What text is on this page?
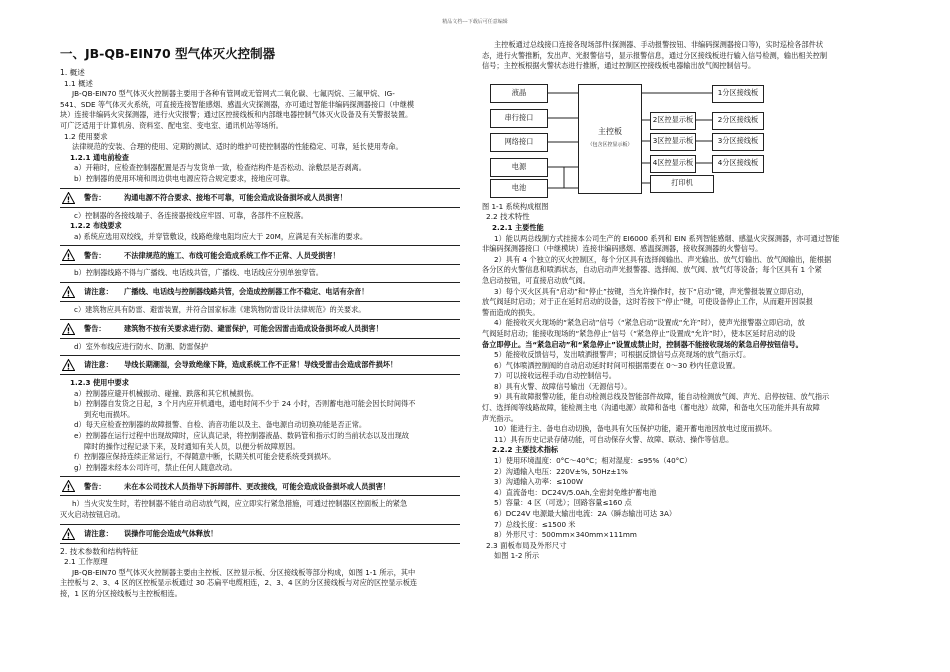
精品文档---下载后可任意编辑
一、JB-QB-EIN70 型气体灭火控制器
1. 概述
1.1 概述
JB-QB-EIN70 型气体灭火控制器主要用于各种有管网或无管网式二氧化碳、七氟丙烷、三氟甲烷、IG-
541、SDE 等气体灭火系统，可直接连接智能感烟、感温火灾探测器，亦可通过智能非编码探测器接口（中继模
块）连接非编码火灾探测器，进行火灾报警；通过区控接线板和内部继电器控制气体灭火设备及有关警报装置。
可广泛适用于计算机房、资料室、配电室、变电室、通讯机站等场所。
1.2 使用要求
法律规范的安装、合理的使用、定期的测试、适时的维护可使控制器的性能稳定、可靠，延长使用寿命。
1.2.1 通电前检查
a）开箱时，应检查控制器配置是否与发货单一致，检查结构件是否松动、涂敷层是否剥离。
b）控制器的使用环境和周边供电电源应符合规定要求，接地应可靠。
!	警告：	沟通电源不符合要求、接地不可靠，可能会造成设备损坏或人员损害！
c）控制器的各接线端子、各连接器接线应牢固、可靠，各部件不应脱落。
1.2.2 布线要求
a) 系统应选用双绞线，并穿管敷设，线路绝缘电阻均应大于 20M，应满足有关标准的要求。
!	警告：	不法律规范的施工、布线可能会造成系统工作不正常、人员受损害！
b）控制器线路不得与广播线、电话线共管，广播线、电话线应分别单独穿管。
!	请注意：	广播线、电话线与控制器线路共管，会造成控制器工作不稳定、电话有杂音！
c）建筑物应具有防雷、避雷装置，并符合国家标准《建筑物防雷设计法律规范》的关要求。
!	警告：	建筑物不按有关要求进行防、避雷保护，可能会因雷击造成设备损坏或人员损害！
d）室外布线应进行防水、防潮、防雷保护
!	请注意：	导线长期潮湿，会导致绝缘下降，造成系统工作不正常！导线受雷击会造成部件损坏！
1.2.3 使用中要求
a）控制器应避开机械振动、碰撞、跌落和其它机械损伤。
b）控制器自发货之日起，3 个月内应开机通电，通电时间不少于 24 小时，否则蓄电池可能会因长时间得不
到充电而损坏。
d）每天应检查控制器的故障报警、自检、消音功能以及主、备电源自动切换功能是否正常。
e）控制器在运行过程中出现故障时，应认真记录，将控制器液晶、数码管和指示灯的当前状态以及出现故
障时的操作过程记录下来，及时通知有关人员，以便分析故障原因。
f）控制器应保持连续正常运行，不得随意中断，长期关机可能会使系统受到损坏。
g）控制器未经本公司许可，禁止任何人随意改动。
!	警告：	未在本公司技术人员指导下拆卸部件、更改接线，可能会造成设备损坏或人员损害！
h）当火灾发生时，若控制器不能自动启动放气阀，应立即实行紧急措施，可通过控制器区控面板上的紧急
灭火启动按钮启动。
!	请注意：	误操作可能会造成气体释放！
2. 技术参数和结构特征
2.1 工作原理
JB-QB-EIN70 型气体灭火控制器主要由主控板、区控显示板、分区接线板等部分构成，如图 1-1 所示，其中
主控板与 2、3、4 区的区控板显示板通过 30 芯扁平电缆相连，2、3、4 区的分区接线板与对应的区控显示板连
接，1 区的分区接线板与主控板相连。
主控板通过总线接口连接各现场部件(探测器、手动报警按钮、非编码探测器接口等)，实时巡检各部件状
态，进行火警推断，发出声、光报警信号，显示报警信息，通过分区接线板进行输入信号检测，输出相关控制
信号；主控板根据火警状态进行推断，通过控制区控接线板电器输出放气阀控制信号。
液晶
串行接口
网络接口
电源
电池
主控板
（包含区控显示板）
2区控显示板
3区控显示板
4区控显示板
1分区接线板
2分区接线板
3分区接线板
4分区接线板
打印机
图 1-1 系统构成框图
2.2 技术特性
2.2.1 主要性能
1）能以两总线制方式挂接本公司生产的 EI6000 系列和 EIN 系列智能感烟、感温火灾探测器，亦可通过智能
非编码探测器接口（中继模块）连接非编码感烟、感温探测器，接收探测器的火警信号。
2）具有 4 个独立的灭火控制区，每个分区具有选择阀输出、声光输出、放气灯输出、放气阀输出，能根据
各分区的火警信息和喷洒状态，自动启动声光报警器、选择阀、放气阀、放气灯等设备；每个区具有 1 个紧
急启动按钮，可直接启动放气阀。
3）每个灭火区具有“启动”和“停止”按键，当允许操作时，按下“启动”键，声光警报装置立即启动，
放气阀延时启动；对于正在延时启动的设备，这时若按下“停止”键，可使设备停止工作，从而避开因误报
警而造成的损失。
4）能接收灭火现场的“紧急启动”信号（“紧急启动”设置成“允许”时），使声光报警器立即启动，放
气阀延时启动；能接收现场的“紧急停止”信号（“紧急停止”设置成“允许”时），使本区延时启动的设
备立即停止。当“紧急启动”和“紧急停止”设置成禁止时，控制器不能接收现场的紧急启停按钮信号。
5）能接收反馈信号，发出喷洒报警声；可根据反馈信号点亮现场的放气指示灯。
6）气体喷洒控制阀的自动启动延时时间可根据需要在 0～30 秒内任意设置。
7）可以接收远程手动/自动控制信号。
8）具有火警、故障信号输出（无源信号）。
9）具有故障报警功能，能自动检测总线及智能部件故障，能自动检测放气阀、声光、启停按钮、放气指示
灯、选择阀等线路故障，能检测主电（沟通电源）故障和备电（蓄电池）故障，和备电欠压功能并具有故障
声光指示。
10）能进行主、备电自动切换，备电具有欠压保护功能，避开蓄电池因放电过度而损坏。
11）具有历史记录存储功能，可自动保存火警、故障、联动、操作等信息。
2.2.2 主要技术指标
1）使用环境温度：0°C～40°C；相对湿度：≤95%（40°C）
2）沟通输入电压：220V±%, 50Hz±1%
3）沟通输入功率：≤100W
4）直流备电：DC24V/5.0Ah,全密封免维护蓄电池
5）容量：4 区（可选）；回路容量≤160 点
6）DC24V 电源最大输出电流：2A（瞬态输出可达 3A）
7）总线长度：≤1500 米
8）外形尺寸：500mm×340mm×111mm
2.3 面板布局及外形尺寸
如图 1-2 所示
